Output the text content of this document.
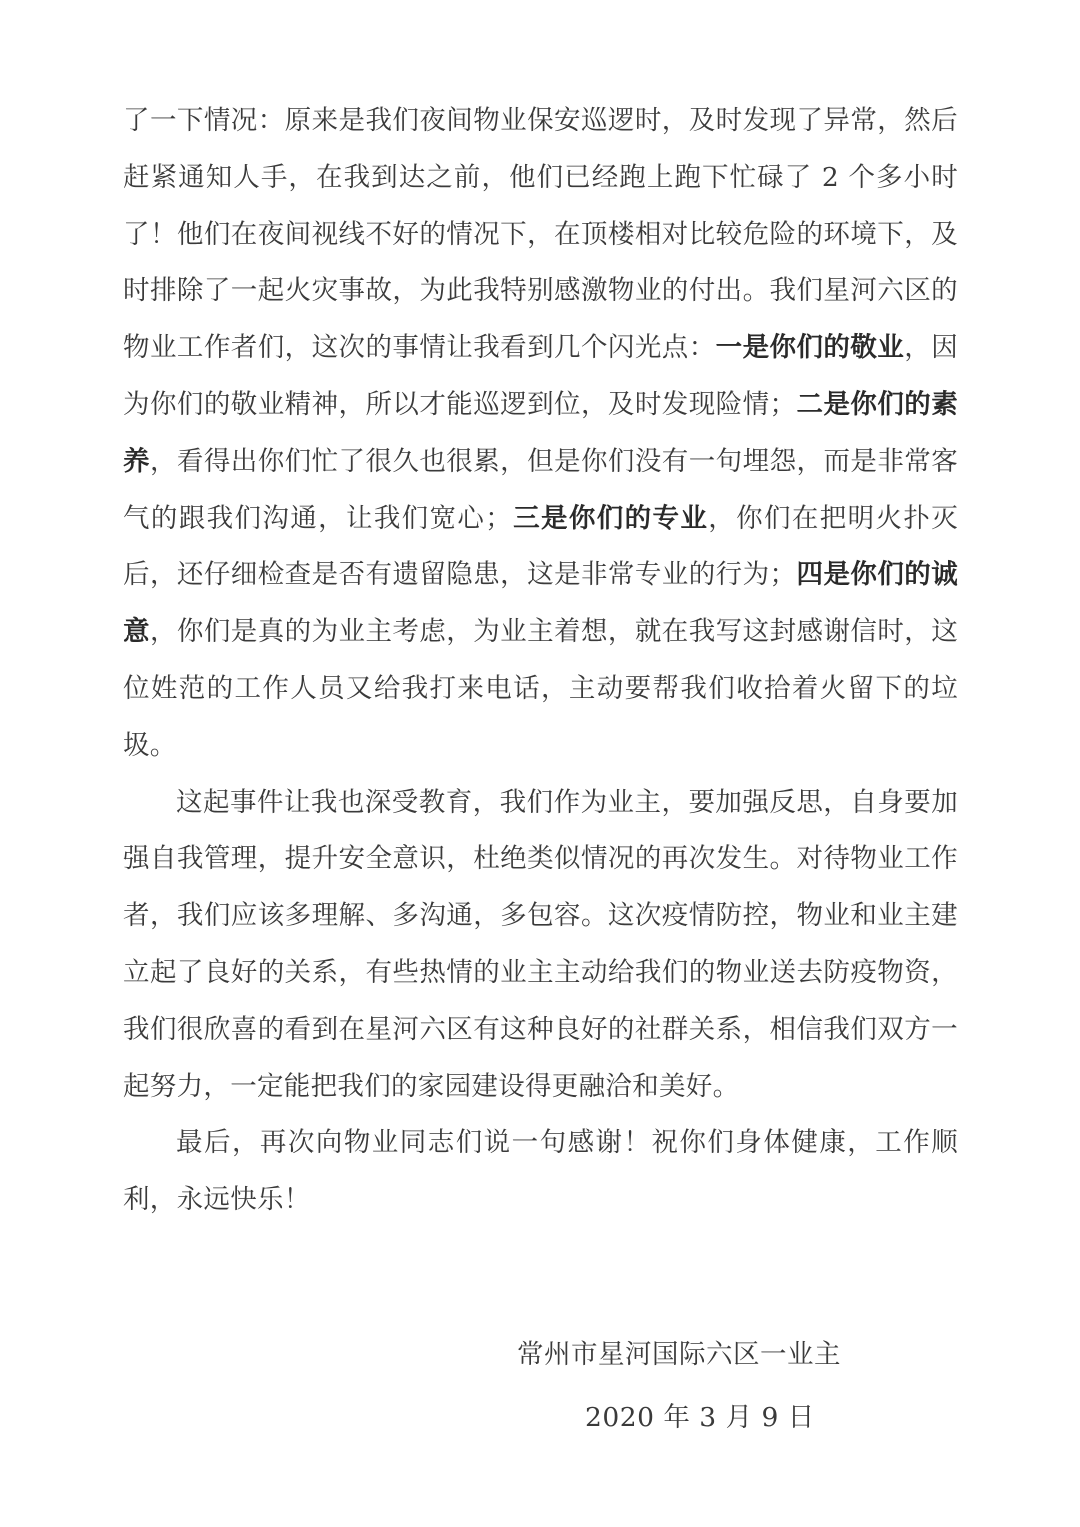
了一下情况：原来是我们夜间物业保安巡逻时，及时发现了异常，然后赶紧通知人手，在我到达之前，他们已经跑上跑下忙碌了 2 个多小时了！他们在夜间视线不好的情况下，在顶楼相对比较危险的环境下，及时排除了一起火灾事故，为此我特别感激物业的付出。我们星河六区的物业工作者们，这次的事情让我看到几个闪光点：一是你们的敬业，因为你们的敬业精神，所以才能巡逻到位，及时发现险情；二是你们的素养，看得出你们忙了很久也很累，但是你们没有一句埋怨，而是非常客气的跟我们沟通，让我们宽心；三是你们的专业，你们在把明火扑灭后，还仔细检查是否有遗留隐患，这是非常专业的行为；四是你们的诚意，你们是真的为业主考虑，为业主着想，就在我写这封感谢信时，这位姓范的工作人员又给我打来电话，主动要帮我们收拾着火留下的垃圾。

这起事件让我也深受教育，我们作为业主，要加强反思，自身要加强自我管理，提升安全意识，杜绝类似情况的再次发生。对待物业工作者，我们应该多理解、多沟通，多包容。这次疫情防控，物业和业主建立起了良好的关系，有些热情的业主主动给我们的物业送去防疫物资，我们很欣喜的看到在星河六区有这种良好的社群关系，相信我们双方一起努力，一定能把我们的家园建设得更融洽和美好。

最后，再次向物业同志们说一句感谢！祝你们身体健康，工作顺利，永远快乐！

常州市星河国际六区一业主
2020 年 3 月 9 日
